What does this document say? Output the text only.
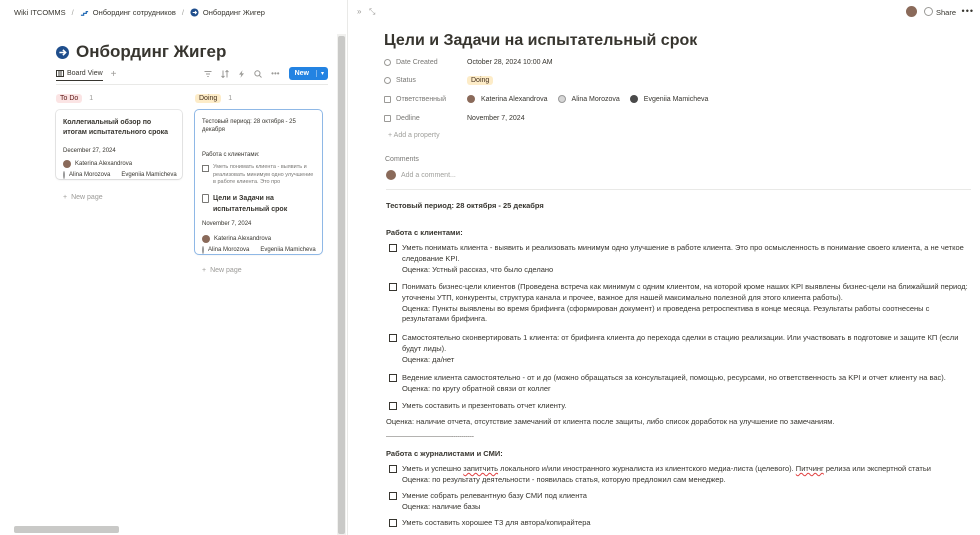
Wiki ITCOMMS /	Онбординг сотрудников /	Онбординг Жигер
Онбординг Жигер
Board View +	•••	New	▾
To Do	1	Doing	1
Коллегиальный обзор по итогам испытательного срока
December 27, 2024
Katerina Alexandrova
Alina Morozova Evgeniia Mamicheva
+ New page
Тестовый период: 28 октября - 25 декабря
Работа с клиентами:
Уметь понимать клиента - выявить и реализовать минимум одно улучшение в работе клиента. Это про
Цели и Задачи на испытательный срок
November 7, 2024
Katerina Alexandrova
Alina Morozova Evgeniia Mamicheva
+ New page
» ⤡	Share •••
Цели и Задачи на испытательный срок
Date Created	October 28, 2024 10:00 AM
Status	Doing
Ответственный	Katerina Alexandrova	Alina Morozova	Evgeniia Mamicheva
Dedline	November 7, 2024
+ Add a property
Comments
Add a comment...
Тестовый период: 28 октября - 25 декабря
Работа с клиентами:
Уметь понимать клиента - выявить и реализовать минимум одно улучшение в работе клиента. Это про осмысленность в понимание своего клиента, а не четкое следование KPI.
Оценка: Устный рассказ, что было сделано
Понимать бизнес-цели клиентов (Проведена встреча как минимум с одним клиентом, на которой кроме наших KPI выявлены бизнес-цели на ближайший период: уточнены УТП, конкуренты, структура канала и прочее, важное для нашей максимально полезной для этого клиента работы).
Оценка: Пункты выявлены во время брифинга (сформирован документ) и проведена ретроспектива в конце месяца. Результаты работы соотнесены с результатами брифинга.
Самостоятельно сконвертировать 1 клиента: от брифинга клиента до перехода сделки в стацию реализации. Или участвовать в подготовке и защите КП (если будут лиды).
Оценка: да/нет
Ведение клиента самостоятельно - от и до (можно обращаться за консультацией, помощью, ресурсами, но ответственность за KPI и отчет клиенту на вас).
Оценка: по кругу обратной связи от коллег
Уметь составить и презентовать отчет клиенту.
Оценка: наличие отчета, отсутствие замечаний от клиента после защиты, либо список доработок на улучшение по замечаниям.
--------------------------------------------
Работа с журналистами и СМИ:
Уметь и успешно запитчить локального и/или иностранного журналиста из клиентского медиа-листа (целевого). Питчинг релиза или экспертной статьи
Оценка: по результату деятельности - появилась статья, которую предложил сам менеджер.
Умение собрать релевантную базу СМИ под клиента
Оценка: наличие базы
Уметь составить хорошее ТЗ для автора/копирайтера
